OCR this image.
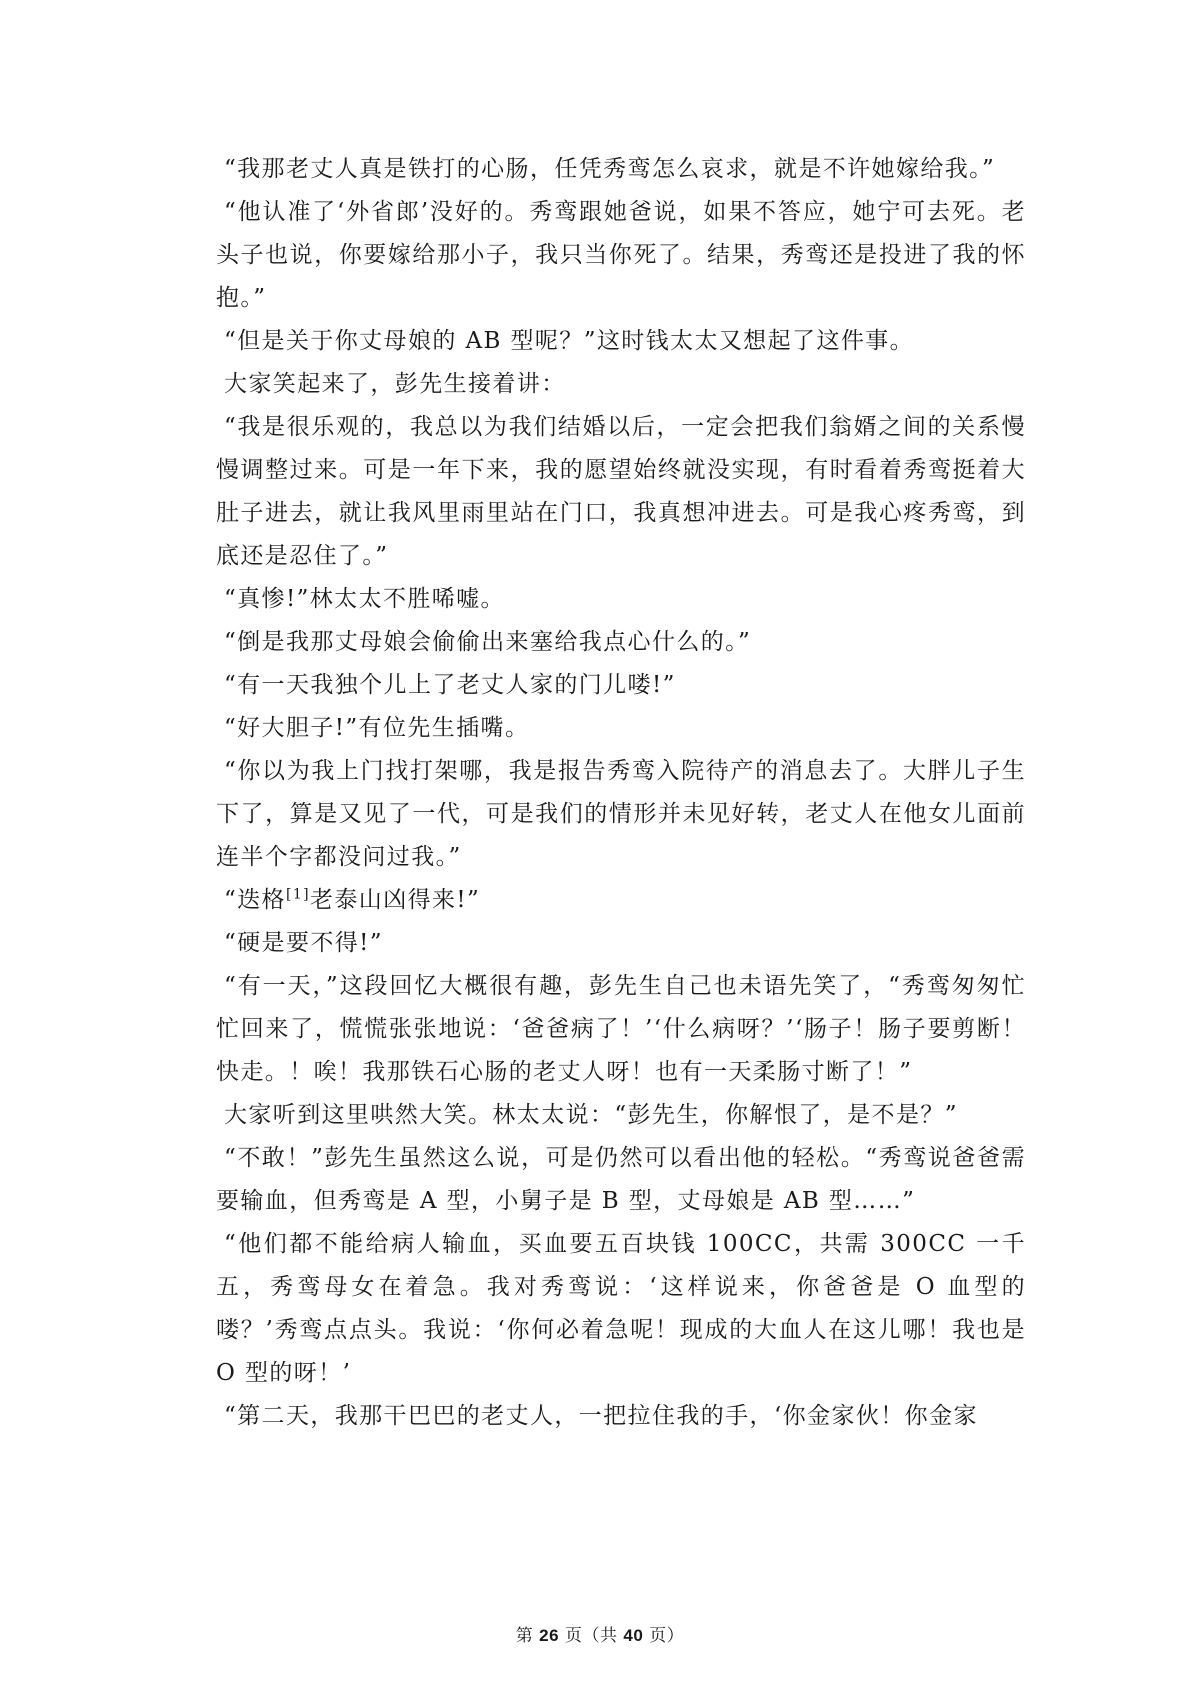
“我那老丈人真是铁打的心肠，任凭秀鸾怎么哀求，就是不许她嫁给我。”

“他认准了‘外省郎’没好的。秀鸾跟她爸说，如果不答应，她宁可去死。老头子也说，你要嫁给那小子，我只当你死了。结果，秀鸾还是投进了我的怀抱。”

“但是关于你丈母娘的 AB 型呢？”这时钱太太又想起了这件事。

大家笑起来了，彭先生接着讲：

“我是很乐观的，我总以为我们结婚以后，一定会把我们翁婿之间的关系慢慢调整过来。可是一年下来，我的愿望始终就没实现，有时看着秀鸾挺着大肚子进去，就让我风里雨里站在门口，我真想冲进去。可是我心疼秀鸾，到底还是忍住了。”

“真惨!”林太太不胜唏嘘。

“倒是我那丈母娘会偷偷出来塞给我点心什么的。”

“有一天我独个儿上了老丈人家的门儿喽!”

“好大胆子!”有位先生插嘴。

“你以为我上门找打架哪，我是报告秀鸾入院待产的消息去了。大胖儿子生下了，算是又见了一代，可是我们的情形并未见好转，老丈人在他女儿面前连半个字都没问过我。”

“迭格[1]老泰山凶得来!”

“硬是要不得!”

“有一天，”这段回忆大概很有趣，彭先生自己也未语先笑了，“秀鸾匆匆忙忙回来了，慌慌张张地说：‘爸爸病了！’‘什么病呀？’‘肠子！肠子要剪断！快走。！唉！我那铁石心肠的老丈人呀！也有一天柔肠寸断了！”

大家听到这里哄然大笑。林太太说：“彭先生，你解恨了，是不是？”

“不敢！”彭先生虽然这么说，可是仍然可以看出他的轻松。“秀鸾说爸爸需要输血，但秀鸾是 A 型，小舅子是 B 型，丈母娘是 AB 型……”

“他们都不能给病人输血，买血要五百块钱 100CC，共需 300CC 一千五，秀鸾母女在着急。我对秀鸾说：‘这样说来，你爸爸是 O 血型的喽？’秀鸾点点头。我说：‘你何必着急呢！现成的大血人在这儿哪！我也是 O 型的呀！’

“第二天，我那干巴巴的老丈人，一把拉住我的手，‘你金家伙！你金家

第 26 页（共 40 页）
